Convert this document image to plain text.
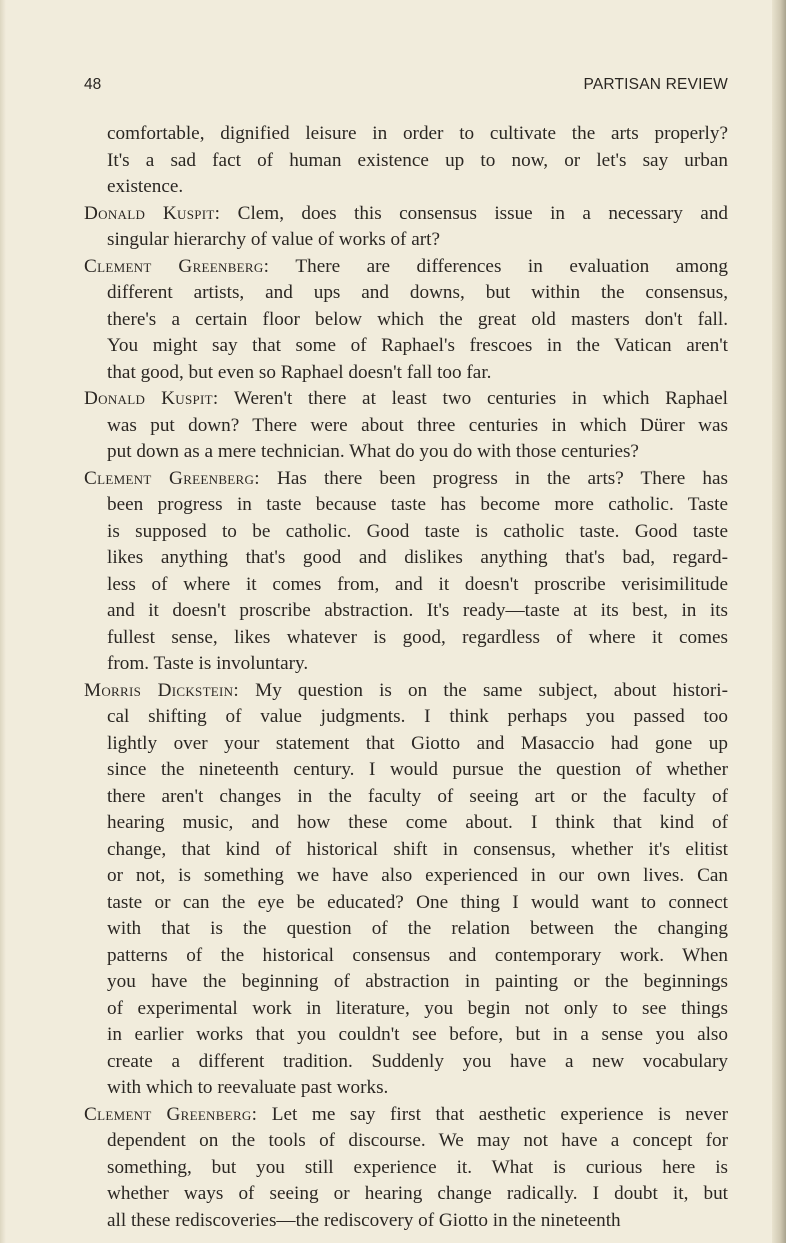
48	PARTISAN REVIEW
comfortable, dignified leisure in order to cultivate the arts properly?
It's a sad fact of human existence up to now, or let's say urban
existence.
Donald Kuspit: Clem, does this consensus issue in a necessary and
singular hierarchy of value of works of art?
Clement Greenberg: There are differences in evaluation among
different artists, and ups and downs, but within the consensus,
there's a certain floor below which the great old masters don't fall.
You might say that some of Raphael's frescoes in the Vatican aren't
that good, but even so Raphael doesn't fall too far.
Donald Kuspit: Weren't there at least two centuries in which Raphael
was put down? There were about three centuries in which Dürer was
put down as a mere technician. What do you do with those centuries?
Clement Greenberg: Has there been progress in the arts? There has
been progress in taste because taste has become more catholic. Taste
is supposed to be catholic. Good taste is catholic taste. Good taste
likes anything that's good and dislikes anything that's bad, regard-
less of where it comes from, and it doesn't proscribe verisimilitude
and it doesn't proscribe abstraction. It's ready—taste at its best, in its
fullest sense, likes whatever is good, regardless of where it comes
from. Taste is involuntary.
Morris Dickstein: My question is on the same subject, about histori-
cal shifting of value judgments. I think perhaps you passed too
lightly over your statement that Giotto and Masaccio had gone up
since the nineteenth century. I would pursue the question of whether
there aren't changes in the faculty of seeing art or the faculty of
hearing music, and how these come about. I think that kind of
change, that kind of historical shift in consensus, whether it's elitist
or not, is something we have also experienced in our own lives. Can
taste or can the eye be educated? One thing I would want to connect
with that is the question of the relation between the changing
patterns of the historical consensus and contemporary work. When
you have the beginning of abstraction in painting or the beginnings
of experimental work in literature, you begin not only to see things
in earlier works that you couldn't see before, but in a sense you also
create a different tradition. Suddenly you have a new vocabulary
with which to reevaluate past works.
Clement Greenberg: Let me say first that aesthetic experience is never
dependent on the tools of discourse. We may not have a concept for
something, but you still experience it. What is curious here is
whether ways of seeing or hearing change radically. I doubt it, but
all these rediscoveries—the rediscovery of Giotto in the nineteenth
